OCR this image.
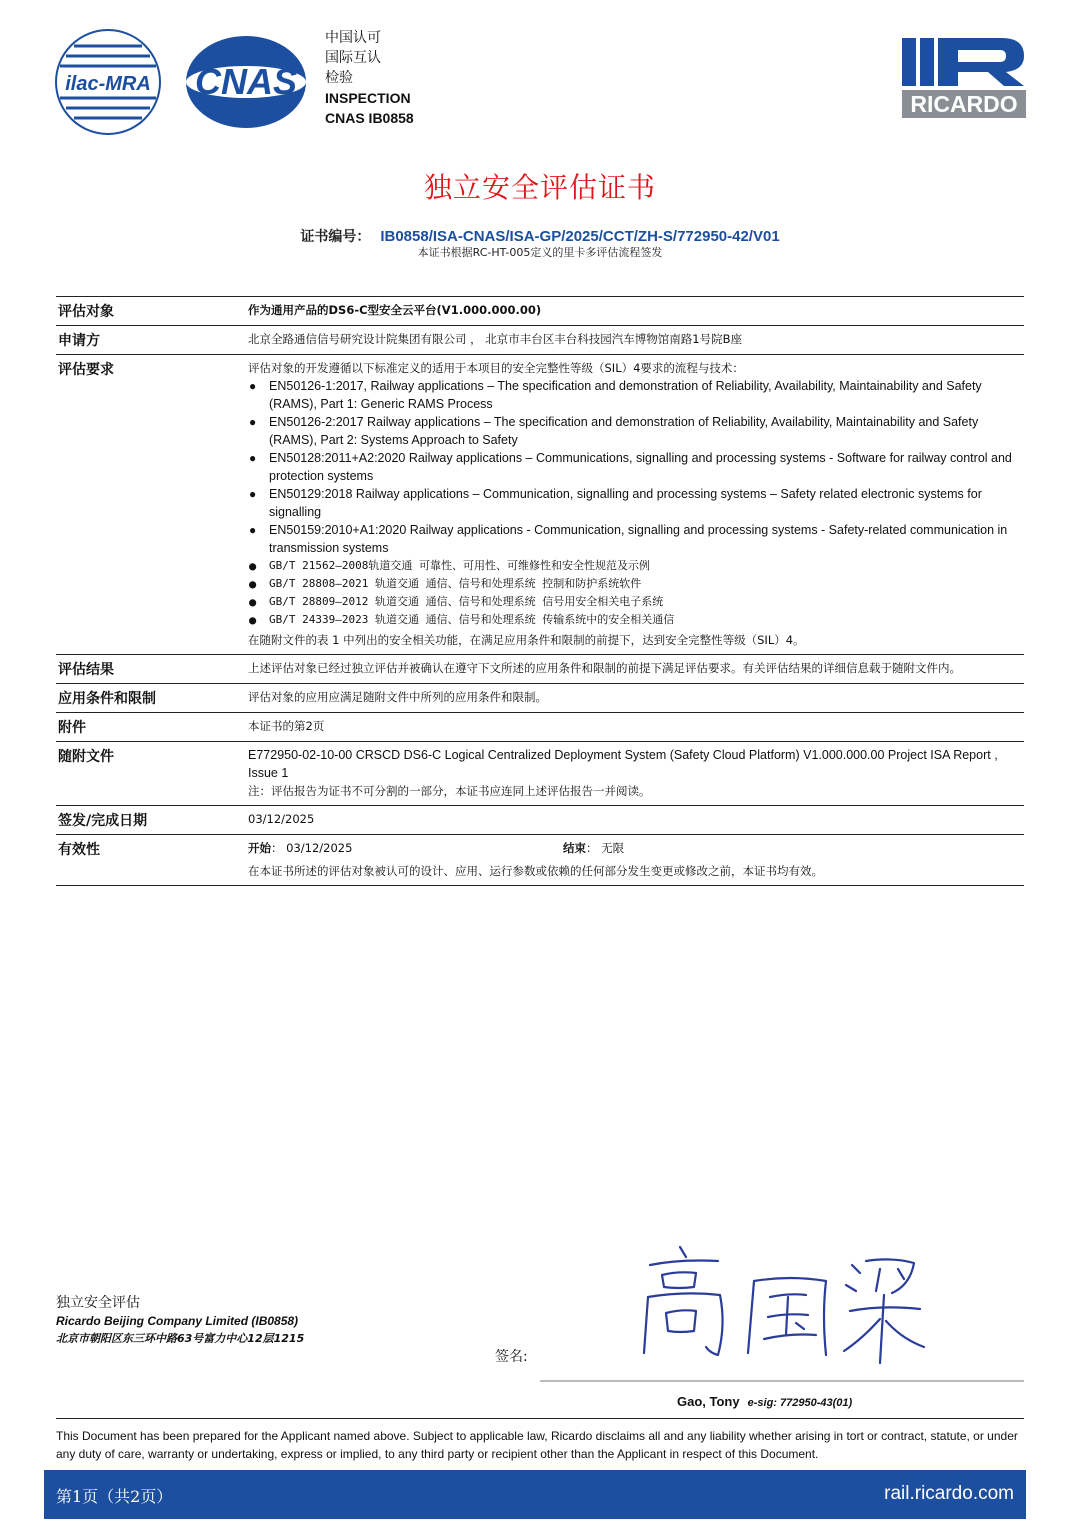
ilac-MRA CNAS
中国认可
国际互认
检验
INSPECTION
CNAS IB0858
RICARDO
独立安全评估证书
证书编号： IB0858/ISA-CNAS/ISA-GP/2025/CCT/ZH-S/772950-42/V01
本证书根据RC-HT-005定义的里卡多评估流程签发
评估对象	作为通用产品的DS6-C型安全云平台(V1.000.000.00)
申请方	北京全路通信信号研究设计院集团有限公司 ， 北京市丰台区丰台科技园汽车博物馆南路1号院B座
评估要求	评估对象的开发遵循以下标准定义的适用于本项目的安全完整性等级（SIL）4要求的流程与技术：
●	EN50126-1:2017, Railway applications – The specification and demonstration of Reliability, Availability, Maintainability and Safety (RAMS), Part 1: Generic RAMS Process
●	EN50126-2:2017 Railway applications – The specification and demonstration of Reliability, Availability, Maintainability and Safety (RAMS), Part 2: Systems Approach to Safety
●	EN50128:2011+A2:2020 Railway applications – Communications, signalling and processing systems - Software for railway control and protection systems
●	EN50129:2018 Railway applications – Communication, signalling and processing systems – Safety related electronic systems for signalling
●	EN50159:2010+A1:2020 Railway applications - Communication, signalling and processing systems - Safety-related communication in transmission systems
●	GB/T 21562—2008轨道交通 可靠性、可用性、可维修性和安全性规范及示例
●	GB/T 28808—2021 轨道交通 通信、信号和处理系统 控制和防护系统软件
●	GB/T 28809—2012 轨道交通 通信、信号和处理系统 信号用安全相关电子系统
●	GB/T 24339—2023 轨道交通 通信、信号和处理系统 传输系统中的安全相关通信
在随附文件的表 1 中列出的安全相关功能，在满足应用条件和限制的前提下，达到安全完整性等级（SIL）4。
评估结果	上述评估对象已经过独立评估并被确认在遵守下文所述的应用条件和限制的前提下满足评估要求。有关评估结果的详细信息载于随附文件内。
应用条件和限制	评估对象的应用应满足随附文件中所列的应用条件和限制。
附件	本证书的第2页
随附文件	E772950-02-10-00 CRSCD DS6-C Logical Centralized Deployment System (Safety Cloud Platform) V1.000.000.00 Project ISA Report , Issue 1
注：评估报告为证书不可分割的一部分，本证书应连同上述评估报告一并阅读。
签发/完成日期	03/12/2025
有效性	开始： 03/12/2025	结束： 无限
在本证书所述的评估对象被认可的设计、应用、运行参数或依赖的任何部分发生变更或修改之前，本证书均有效。
独立安全评估
Ricardo Beijing Company Limited (IB0858)
北京市朝阳区东三环中路63号富力中心12层1215
签名:
Gao, Tony e-sig: 772950-43(01)
This Document has been prepared for the Applicant named above. Subject to applicable law, Ricardo disclaims all and any liability whether arising in tort or contract, statute, or under any duty of care, warranty or undertaking, express or implied, to any third party or recipient other than the Applicant in respect of this Document.
第1页（共2页）	rail.ricardo.com
